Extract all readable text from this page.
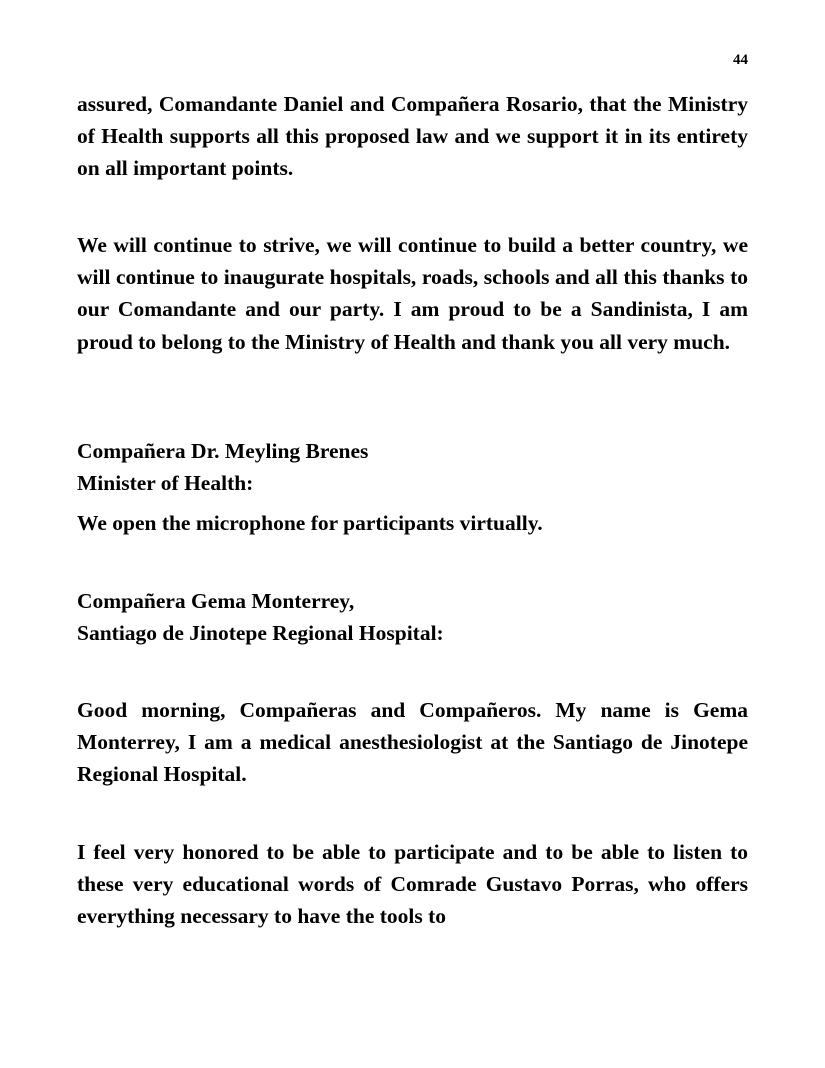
44

assured, Comandante Daniel and Compañera Rosario, that the Ministry of Health supports all this proposed law and we support it in its entirety on all important points.

We will continue to strive, we will continue to build a better country, we will continue to inaugurate hospitals, roads, schools and all this thanks to our Comandante and our party. I am proud to be a Sandinista, I am proud to belong to the Ministry of Health and thank you all very much.

Compañera Dr. Meyling Brenes
Minister of Health:

We open the microphone for participants virtually.

Compañera Gema Monterrey,
Santiago de Jinotepe Regional Hospital:

Good morning, Compañeras and Compañeros. My name is Gema Monterrey, I am a medical anesthesiologist at the Santiago de Jinotepe Regional Hospital.

I feel very honored to be able to participate and to be able to listen to these very educational words of Comrade Gustavo Porras, who offers everything necessary to have the tools to
